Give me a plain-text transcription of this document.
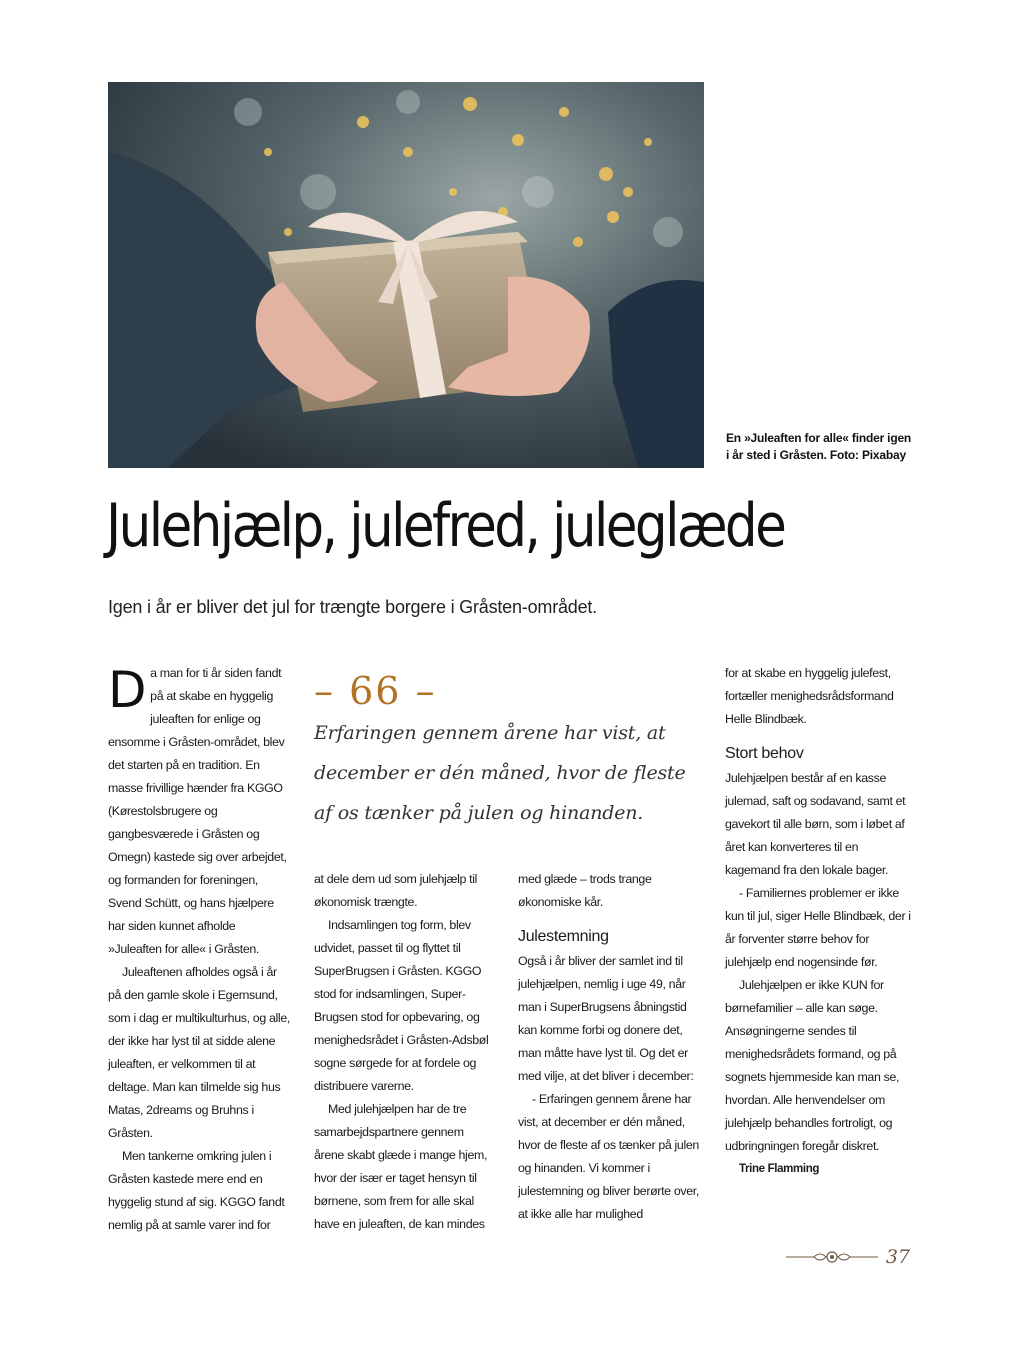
En »Juleaften for alle« finder igen i år sted i Gråsten. Foto: Pixabay
Julehjælp, julefred, juleglæde

Igen i år er bliver det jul for trængte borgere i Gråsten-området.

Da man for ti år siden fandt på at skabe en hyggelig juleaften for enlige og ensomme i Gråsten-området, blev det starten på en tradition. En masse frivillige hænder fra KGGO (Kørestolsbrugere og gangbesværede i Gråsten og Omegn) kastede sig over arbejdet, og formanden for foreningen, Svend Schütt, og hans hjælpere har siden kunnet afholde »Juleaften for alle« i Gråsten.

Juleaftenen afholdes også i år på den gamle skole i Egernsund, som i dag er multikulturhus, og alle, der ikke har lyst til at sidde alene juleaften, er velkommen til at deltage. Man kan tilmelde sig hus Matas, 2dreams og Bruhns i Gråsten.

Men tankerne omkring julen i Gråsten kastede mere end en hyggelig stund af sig. KGGO fandt nemlig på at samle varer ind for

– 66 –

Erfaringen gennem årene har vist, at december er dén måned, hvor de fleste af os tænker på julen og hinanden.

at dele dem ud som julehjælp til økonomisk trængte.

Indsamlingen tog form, blev udvidet, passet til og flyttet til SuperBrugsen i Gråsten. KGGO stod for indsamlingen, Super-Brugsen stod for opbevaring, og menighedsrådet i Gråsten-Adsbøl sogne sørgede for at fordele og distribuere varerne.

Med julehjælpen har de tre samarbejdspartnere gennem årene skabt glæde i mange hjem, hvor der især er taget hensyn til børnene, som frem for alle skal have en juleaften, de kan mindes

med glæde – trods trange økonomiske kår.

Julestemning

Også i år bliver der samlet ind til julehjælpen, nemlig i uge 49, når man i SuperBrugsens åbningstid kan komme forbi og donere det, man måtte have lyst til. Og det er med vilje, at det bliver i december:

- Erfaringen gennem årene har vist, at december er dén måned, hvor de fleste af os tænker på julen og hinanden. Vi kommer i julestemning og bliver berørte over, at ikke alle har mulighed

for at skabe en hyggelig julefest, fortæller menighedsrådsformand Helle Blindbæk.

Stort behov

Julehjælpen består af en kasse julemad, saft og sodavand, samt et gavekort til alle børn, som i løbet af året kan konverteres til en kagemand fra den lokale bager.

- Familiernes problemer er ikke kun til jul, siger Helle Blindbæk, der i år forventer større behov for julehjælp end nogensinde før.

Julehjælpen er ikke KUN for børnefamilier – alle kan søge. Ansøgningerne sendes til menighedsrådets formand, og på sognets hjemmeside kan man se, hvordan. Alle henvendelser om julehjælp behandles fortroligt, og udbringningen foregår diskret.

Trine Flamming

37
